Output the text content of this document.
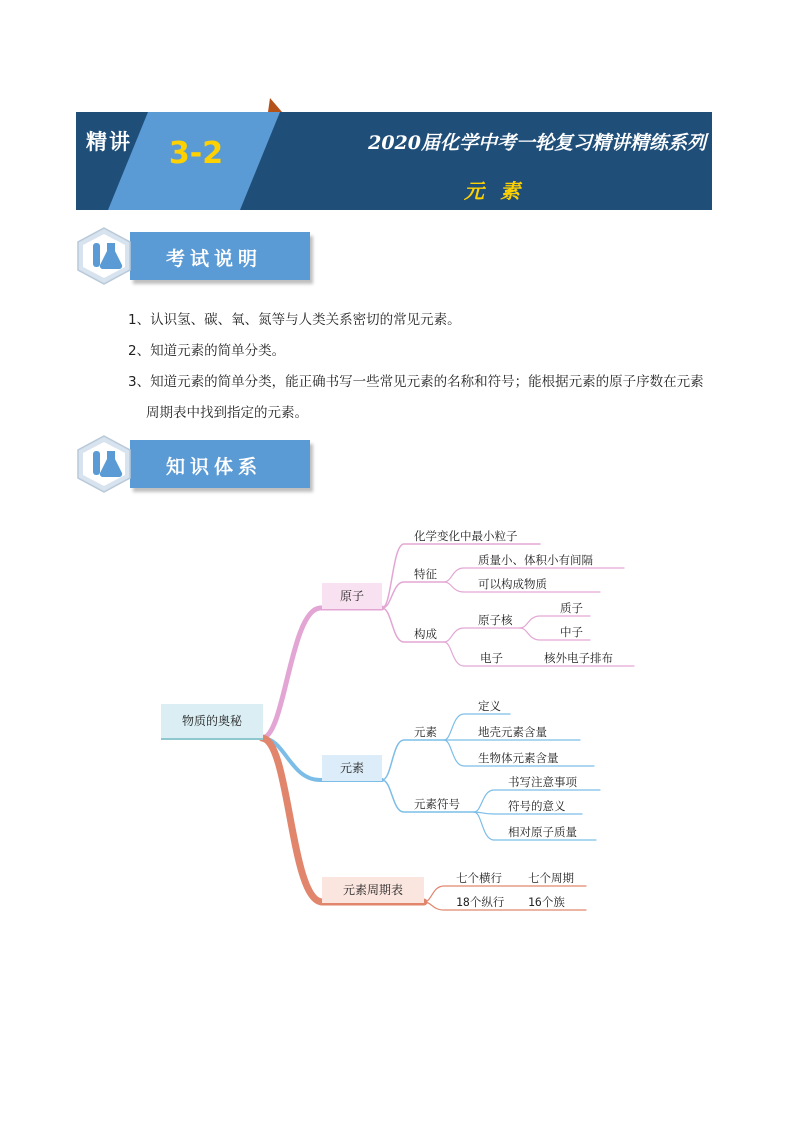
精讲 3-2	2020届化学中考一轮复习精讲精练系列
元素
考试说明
1、认识氢、碳、氧、氮等与人类关系密切的常见元素。
2、知道元素的简单分类。
3、知道元素的简单分类，能正确书写一些常见元素的名称和符号；能根据元素的原子序数在元素
周期表中找到指定的元素。
知识体系
物质的奥秘
原子
元素
元素周期表
化学变化中最小粒子
特征
质量小、体积小有间隔
可以构成物质
构成
原子核
质子
中子
电子	核外电子排布
元素
定义
地壳元素含量
生物体元素含量
元素符号
书写注意事项
符号的意义
相对原子质量
七个横行 七个周期
18个纵行 16个族
